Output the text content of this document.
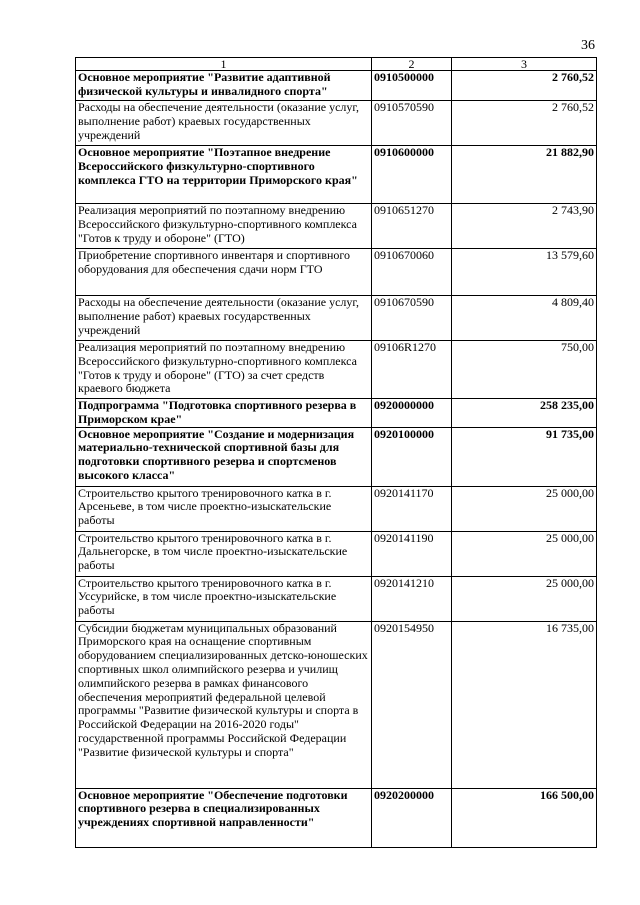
36
1	2	3
Основное мероприятие "Развитие адаптивной физической культуры и инвалидного спорта"	0910500000	2 760,52
Расходы на обеспечение деятельности (оказание услуг, выполнение работ) краевых государственных учреждений	0910570590	2 760,52
Основное мероприятие "Поэтапное внедрение Всероссийского физкультурно-спортивного комплекса ГТО на территории Приморского края"	0910600000	21 882,90
Реализация мероприятий по поэтапному внедрению Всероссийского физкультурно-спортивного комплекса "Готов к труду и обороне" (ГТО)	0910651270	2 743,90
Приобретение спортивного инвентаря и спортивного оборудования для обеспечения сдачи норм ГТО	0910670060	13 579,60
Расходы на обеспечение деятельности (оказание услуг, выполнение работ) краевых государственных учреждений	0910670590	4 809,40
Реализация мероприятий по поэтапному внедрению Всероссийского физкультурно-спортивного комплекса "Готов к труду и обороне" (ГТО) за счет средств краевого бюджета	09106R1270	750,00
Подпрограмма "Подготовка спортивного резерва в Приморском крае"	0920000000	258 235,00
Основное мероприятие "Создание и модернизация материально-технической спортивной базы для подготовки спортивного резерва и спортсменов высокого класса"	0920100000	91 735,00
Строительство крытого тренировочного катка в г. Арсеньеве, в том числе проектно-изыскательские работы	0920141170	25 000,00
Строительство крытого тренировочного катка в г. Дальнегорске, в том числе проектно-изыскательские работы	0920141190	25 000,00
Строительство крытого тренировочного катка в г. Уссурийске, в том числе проектно-изыскательские работы	0920141210	25 000,00
Субсидии бюджетам муниципальных образований Приморского края на оснащение спортивным оборудованием специализированных детско-юношеских спортивных школ олимпийского резерва и училищ олимпийского резерва в рамках финансового обеспечения мероприятий федеральной целевой программы "Развитие физической культуры и спорта в Российской Федерации на 2016-2020 годы" государственной программы Российской Федерации "Развитие физической культуры и спорта"	0920154950	16 735,00
Основное мероприятие "Обеспечение подготовки спортивного резерва в специализированных учреждениях спортивной направленности"	0920200000	166 500,00
